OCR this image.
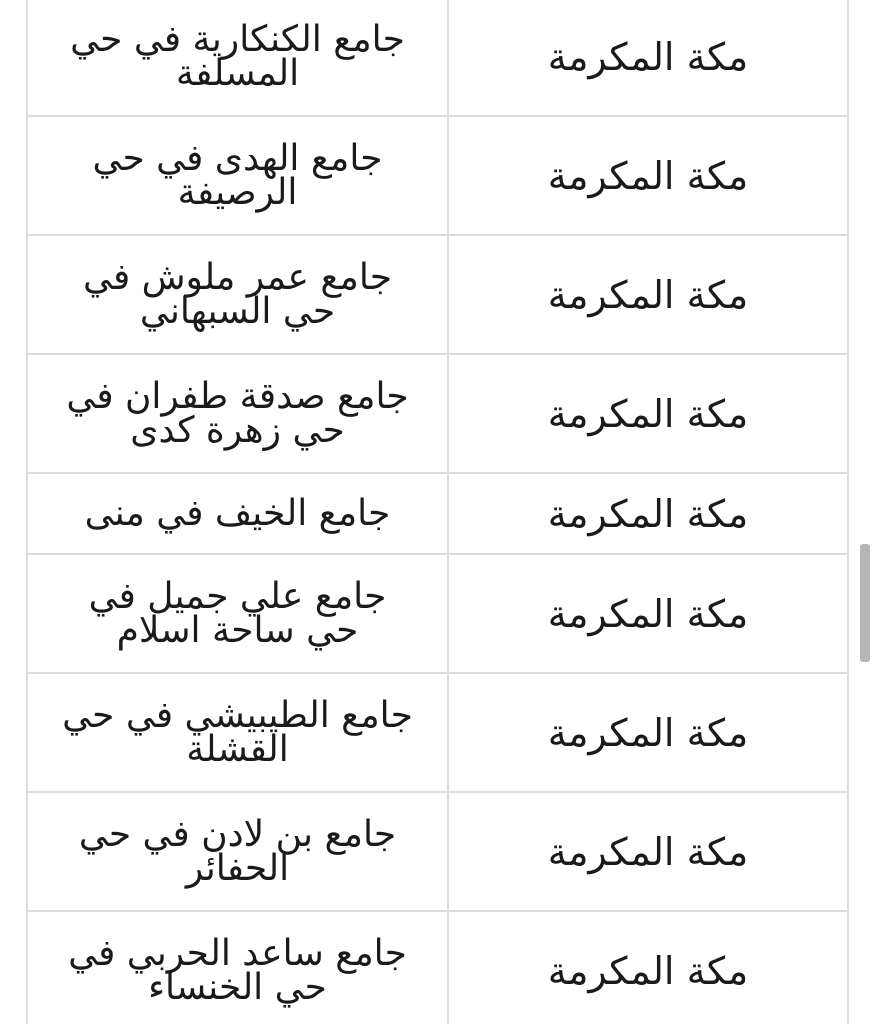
جامع الكنكارية في حي المسلفة	مكة المكرمة
جامع الهدى في حي الرصيفة	مكة المكرمة
جامع عمر ملوش في حي السبهاني	مكة المكرمة
جامع صدقة طفران في حي زهرة كدى	مكة المكرمة
جامع الخيف في منى	مكة المكرمة
جامع علي جميل في حي ساحة اسلام	مكة المكرمة
جامع الطيبيشي في حي القشلة	مكة المكرمة
جامع بن لادن في حي الحفائر	مكة المكرمة
جامع ساعد الحربي في حي الخنساء	مكة المكرمة
